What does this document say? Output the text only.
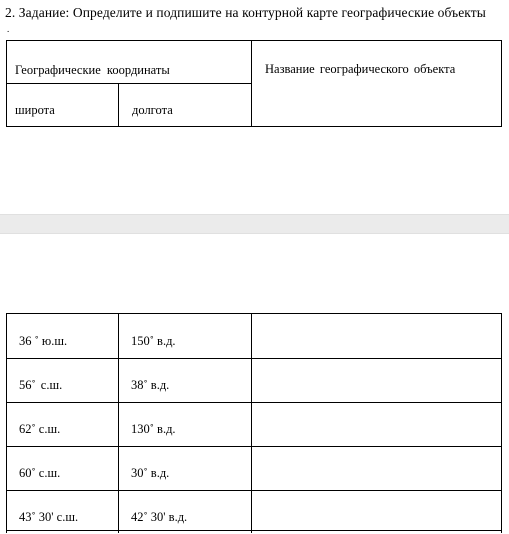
2. Задание: Определите и подпишите на контурной карте географические объекты
.
Географические координаты	Название географического объекта
широта	долгота
36 ˚ ю.ш.	150˚ в.д.
56˚ с.ш.	38˚ в.д.
62˚ с.ш.	130˚ в.д.
60˚ с.ш.	30˚ в.д.
43˚ 30' с.ш.	42˚ 30' в.д.
